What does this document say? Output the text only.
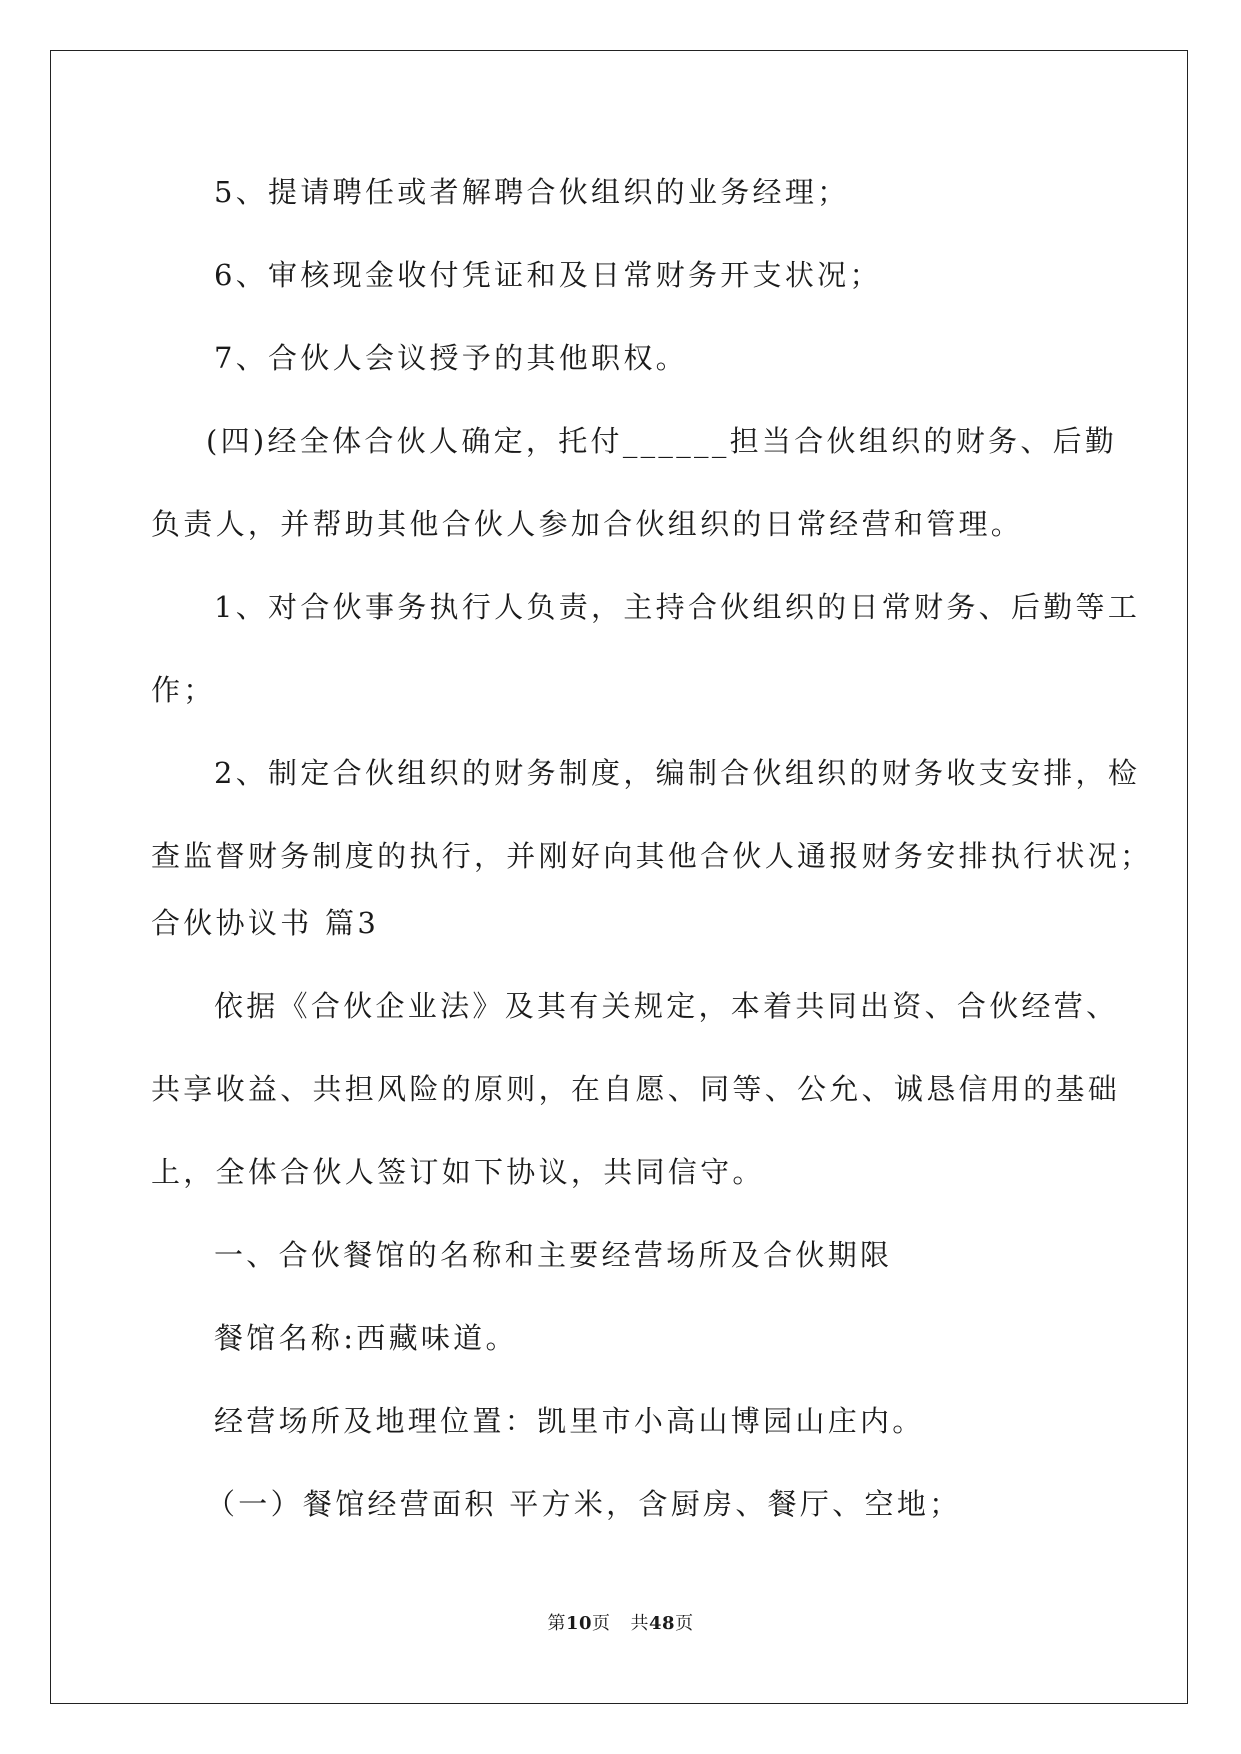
5、提请聘任或者解聘合伙组织的业务经理；
6、审核现金收付凭证和及日常财务开支状况；
7、合伙人会议授予的其他职权。
(四)经全体合伙人确定，托付______担当合伙组织的财务、后勤
负责人，并帮助其他合伙人参加合伙组织的日常经营和管理。
1、对合伙事务执行人负责，主持合伙组织的日常财务、后勤等工
作；
2、制定合伙组织的财务制度，编制合伙组织的财务收支安排，检
查监督财务制度的执行，并刚好向其他合伙人通报财务安排执行状况；
合伙协议书 篇3
依据《合伙企业法》及其有关规定，本着共同出资、合伙经营、
共享收益、共担风险的原则，在自愿、同等、公允、诚恳信用的基础
上，全体合伙人签订如下协议，共同信守。
一、合伙餐馆的名称和主要经营场所及合伙期限
餐馆名称:西藏味道。
经营场所及地理位置：凯里市小高山博园山庄内。
（一）餐馆经营面积 平方米，含厨房、餐厅、空地；
第10页 共48页
